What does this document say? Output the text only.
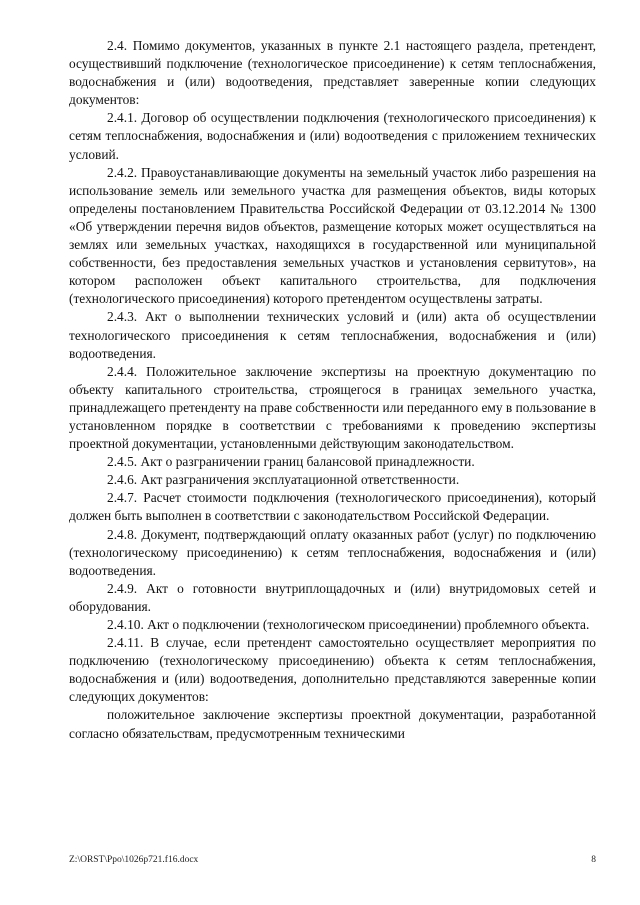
2.4. Помимо документов, указанных в пункте 2.1 настоящего раздела, претендент, осуществивший подключение (технологическое присоединение) к сетям теплоснабжения, водоснабжения и (или) водоотведения, представляет заверенные копии следующих документов:

2.4.1. Договор об осуществлении подключения (технологического присоединения) к сетям теплоснабжения, водоснабжения и (или) водоотведения с приложением технических условий.

2.4.2. Правоустанавливающие документы на земельный участок либо разрешения на использование земель или земельного участка для размещения объектов, виды которых определены постановлением Правительства Российской Федерации от 03.12.2014 № 1300 «Об утверждении перечня видов объектов, размещение которых может осуществляться на землях или земельных участках, находящихся в государственной или муниципальной собственности, без предоставления земельных участков и установления сервитутов», на котором расположен объект капитального строительства, для подключения (технологического присоединения) которого претендентом осуществлены затраты.

2.4.3. Акт о выполнении технических условий и (или) акта об осуществлении технологического присоединения к сетям теплоснабжения, водоснабжения и (или) водоотведения.

2.4.4. Положительное заключение экспертизы на проектную документацию по объекту капитального строительства, строящегося в границах земельного участка, принадлежащего претенденту на праве собственности или переданного ему в пользование в установленном порядке в соответствии с требованиями к проведению экспертизы проектной документации, установленными действующим законодательством.

2.4.5. Акт о разграничении границ балансовой принадлежности.

2.4.6. Акт разграничения эксплуатационной ответственности.

2.4.7. Расчет стоимости подключения (технологического присоединения), который должен быть выполнен в соответствии с законодательством Российской Федерации.

2.4.8. Документ, подтверждающий оплату оказанных работ (услуг) по подключению (технологическому присоединению) к сетям теплоснабжения, водоснабжения и (или) водоотведения.

2.4.9. Акт о готовности внутриплощадочных и (или) внутридомовых сетей и оборудования.

2.4.10. Акт о подключении (технологическом присоединении) проблемного объекта.

2.4.11. В случае, если претендент самостоятельно осуществляет мероприятия по подключению (технологическому присоединению) объекта к сетям теплоснабжения, водоснабжения и (или) водоотведения, дополнительно представляются заверенные копии следующих документов:

положительное заключение экспертизы проектной документации, разработанной согласно обязательствам, предусмотренным техническими

Z:\ORST\Ppo\1026p721.f16.docx	8
